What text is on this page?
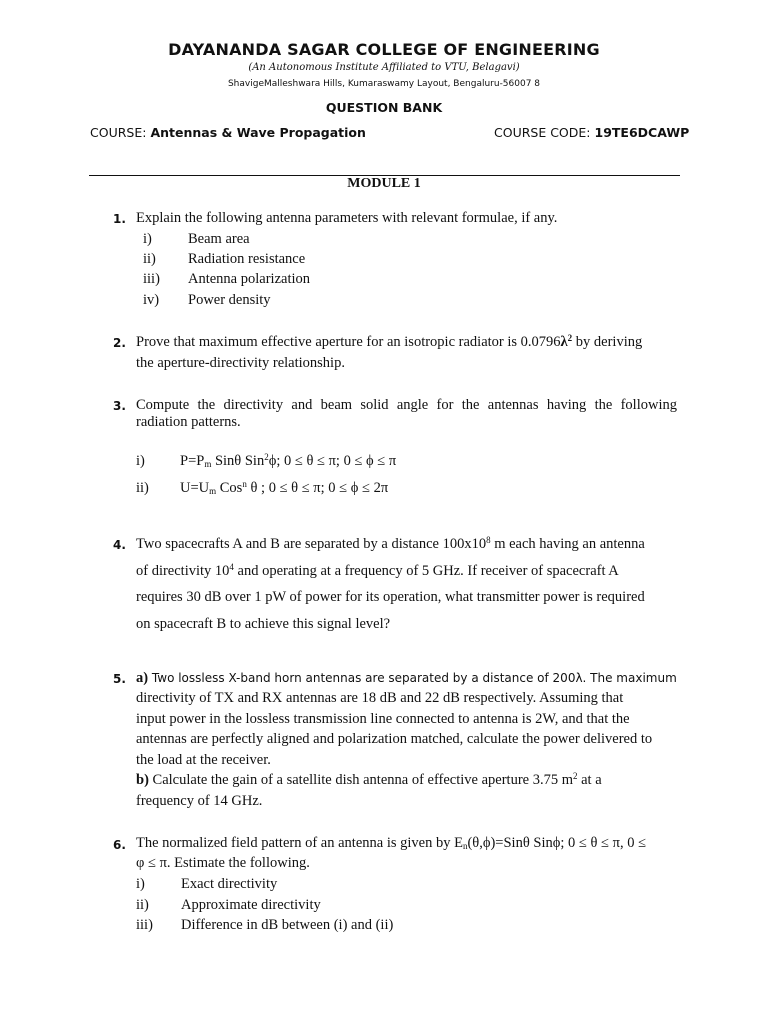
DAYANANDA SAGAR COLLEGE OF ENGINEERING
(An Autonomous Institute Affiliated to VTU, Belagavi)
ShavigeMalleshwara Hills, Kumaraswamy Layout, Bengaluru-56007 8
QUESTION BANK
COURSE: Antennas & Wave Propagation	COURSE CODE: 19TE6DCAWP
MODULE 1
1. Explain the following antenna parameters with relevant formulae, if any.
i) Beam area
ii) Radiation resistance
iii) Antenna polarization
iv) Power density
2. Prove that maximum effective aperture for an isotropic radiator is $0.0796\lambda^2$ by deriving
the aperture-directivity relationship.
3. Compute the directivity and beam solid angle for the antennas having the following
radiation patterns.
i) $P=P_m$ Sinθ Sin$^2$ϕ; 0 ≤ θ ≤ π; 0 ≤ ϕ ≤ π
ii) $U=U_m$ Cos$^n$ θ ; 0 ≤ θ ≤ π; 0 ≤ ϕ ≤ 2π
4. Two spacecrafts A and B are separated by a distance $100x10^8$ m each having an antenna
of directivity $10^4$ and operating at a frequency of 5 GHz. If receiver of spacecraft A
requires 30 dB over 1 pW of power for its operation, what transmitter power is required
on spacecraft B to achieve this signal level?
5. a) Two lossless X-band horn antennas are separated by a distance of 200λ. The maximum
directivity of TX and RX antennas are 18 dB and 22 dB respectively. Assuming that
input power in the lossless transmission line connected to antenna is 2W, and that the
antennas are perfectly aligned and polarization matched, calculate the power delivered to
the load at the receiver.
b) Calculate the gain of a satellite dish antenna of effective aperture 3.75 $m^2$ at a
frequency of 14 GHz.
6. The normalized field pattern of an antenna is given by $E_n(\theta,\phi)=Sin\theta$ Sinϕ; 0 ≤ θ ≤ π, 0 ≤
φ ≤ π. Estimate the following.
i) Exact directivity
ii) Approximate directivity
iii) Difference in dB between (i) and (ii)
